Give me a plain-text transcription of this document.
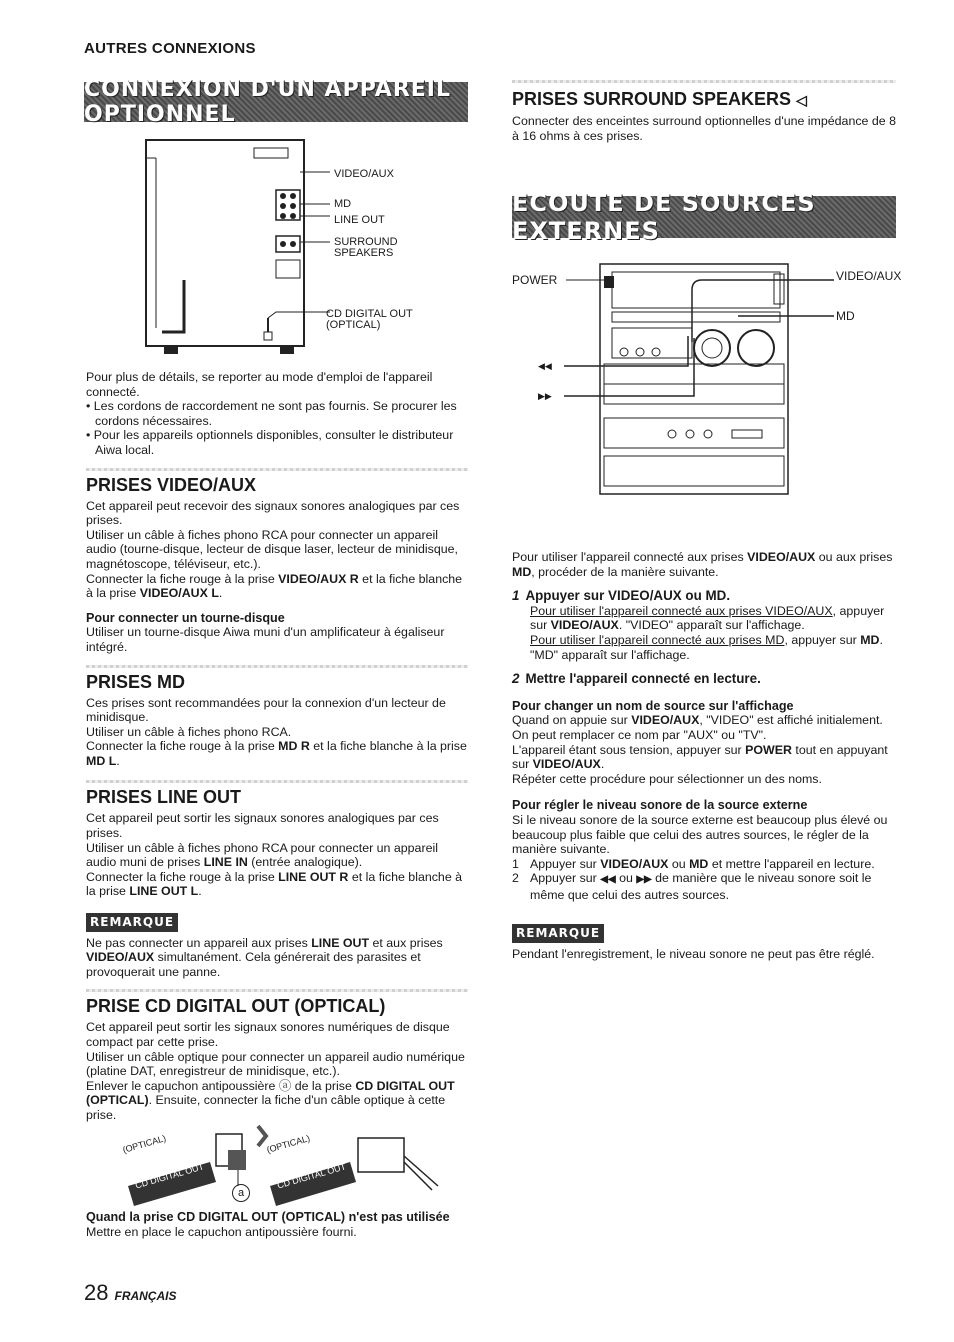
AUTRES CONNEXIONS
CONNEXION D'UN APPAREIL OPTIONNEL
VIDEO/AUX
MD
LINE OUT
SURROUND
SPEAKERS
CD DIGITAL OUT
(OPTICAL)

Pour plus de détails, se reporter au mode d'emploi de l'appareil connecté.

• Les cordons de raccordement ne sont pas fournis. Se procurer les cordons nécessaires.

• Pour les appareils optionnels disponibles, consulter le distributeur Aiwa local.

PRISES VIDEO/AUX

Cet appareil peut recevoir des signaux sonores analogiques par ces prises.

Utiliser un câble à fiches phono RCA pour connecter un appareil audio (tourne-disque, lecteur de disque laser, lecteur de minidisque, magnétoscope, téléviseur, etc.).

Connecter la fiche rouge à la prise VIDEO/AUX R et la fiche blanche à la prise VIDEO/AUX L.

Pour connecter un tourne-disque

Utiliser un tourne-disque Aiwa muni d'un amplificateur à égaliseur intégré.

PRISES MD

Ces prises sont recommandées pour la connexion d'un lecteur de minidisque.

Utiliser un câble à fiches phono RCA.

Connecter la fiche rouge à la prise MD R et la fiche blanche à la prise MD L.

PRISES LINE OUT

Cet appareil peut sortir les signaux sonores analogiques par ces prises.

Utiliser un câble à fiches phono RCA pour connecter un appareil audio muni de prises LINE IN (entrée analogique).

Connecter la fiche rouge à la prise LINE OUT R et la fiche blanche à la prise LINE OUT L.

REMARQUE

Ne pas connecter un appareil aux prises LINE OUT et aux prises VIDEO/AUX simultanément. Cela générerait des parasites et provoquerait une panne.

PRISE CD DIGITAL OUT (OPTICAL)

Cet appareil peut sortir les signaux sonores numériques de disque compact par cette prise.

Utiliser un câble optique pour connecter un appareil audio numérique (platine DAT, enregistreur de minidisque, etc.).

Enlever le capuchon antipoussière ⓐ de la prise CD DIGITAL OUT (OPTICAL). Ensuite, connecter la fiche d'un câble optique à cette prise.

(OPTICAL)
CD DIGITAL OUT
(OPTICAL)
CD DIGITAL OUT
a

Quand la prise CD DIGITAL OUT (OPTICAL) n'est pas utilisée

Mettre en place le capuchon antipoussière fourni.

PRISES SURROUND SPEAKERS ◁

Connecter des enceintes surround optionnelles d'une impédance de 8 à 16 ohms à ces prises.

ECOUTE DE SOURCES EXTERNES
POWER	VIDEO/AUX
MD
◀◀
▶▶

Pour utiliser l'appareil connecté aux prises VIDEO/AUX ou aux prises MD, procéder de la manière suivante.

1 Appuyer sur VIDEO/AUX ou MD.

Pour utiliser l'appareil connecté aux prises VIDEO/AUX, appuyer sur VIDEO/AUX. "VIDEO" apparaît sur l'affichage.

Pour utiliser l'appareil connecté aux prises MD, appuyer sur MD. "MD" apparaît sur l'affichage.

2 Mettre l'appareil connecté en lecture.

Pour changer un nom de source sur l'affichage

Quand on appuie sur VIDEO/AUX, "VIDEO" est affiché initialement. On peut remplacer ce nom par "AUX" ou "TV".

L'appareil étant sous tension, appuyer sur POWER tout en appuyant sur VIDEO/AUX.

Répéter cette procédure pour sélectionner un des noms.

Pour régler le niveau sonore de la source externe

Si le niveau sonore de la source externe est beaucoup plus élevé ou beaucoup plus faible que celui des autres sources, le régler de la manière suivante.

1 Appuyer sur VIDEO/AUX ou MD et mettre l'appareil en lecture.
2 Appuyer sur ◀◀ ou ▶▶ de manière que le niveau sonore soit le même que celui des autres sources.
REMARQUE

Pendant l'enregistrement, le niveau sonore ne peut pas être réglé.

28 FRANÇAIS
